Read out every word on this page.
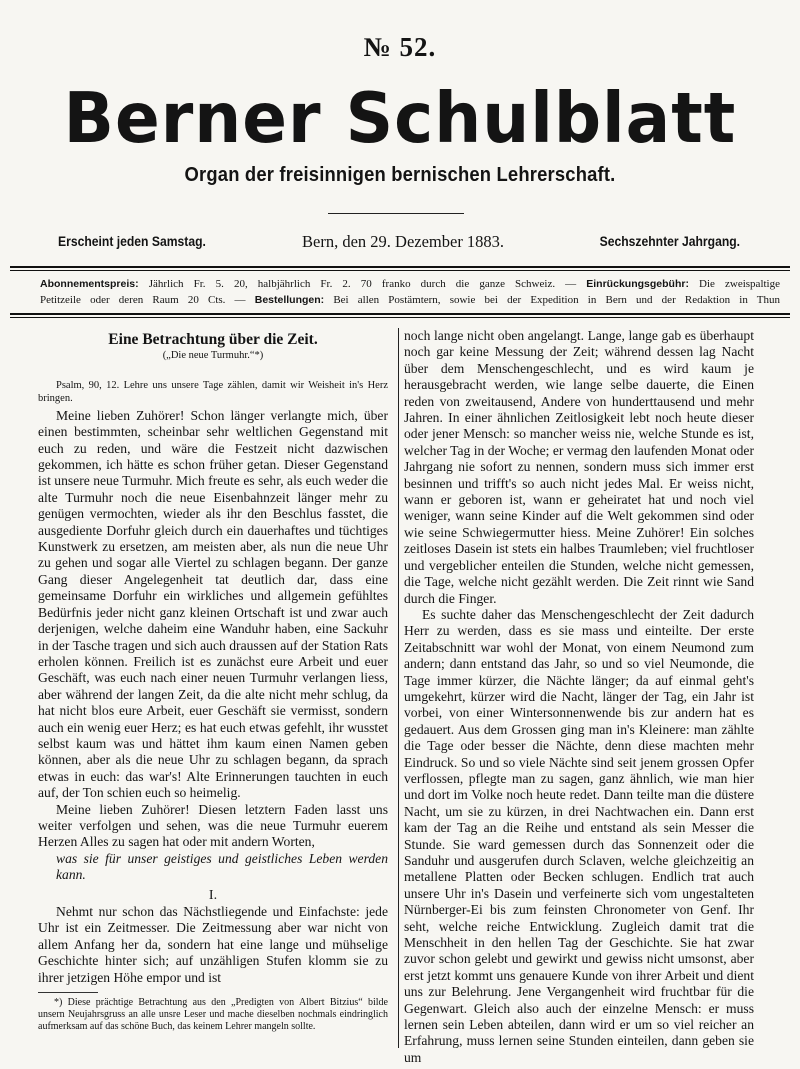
№ 52.
Berner Schulblatt
Organ der freisinnigen bernischen Lehrerschaft.
Erscheint jeden Samstag.	Bern, den 29. Dezember 1883.	Sechszehnter Jahrgang.

Abonnementspreis: Jährlich Fr. 5. 20, halbjährlich Fr. 2. 70 franko durch die ganze Schweiz. — Einrückungsgebühr: Die zweispaltige

Petitzeile oder deren Raum 20 Cts. — Bestellungen: Bei allen Postämtern, sowie bei der Expedition in Bern und der Redaktion in Thun

Eine Betrachtung über die Zeit.

(„Die neue Turmuhr.“*)

Psalm, 90, 12. Lehre uns unsere Tage zählen, damit wir Weisheit in's Herz bringen.

Meine lieben Zuhörer! Schon länger verlangte mich, über einen bestimmten, scheinbar sehr weltlichen Gegenstand mit euch zu reden, und wäre die Festzeit nicht dazwischen gekommen, ich hätte es schon früher getan. Dieser Gegenstand ist unsere neue Turmuhr. Mich freute es sehr, als euch weder die alte Turmuhr noch die neue Eisenbahnzeit länger mehr zu genügen vermochten, wieder als ihr den Beschlus fasstet, die ausgediente Dorfuhr gleich durch ein dauerhaftes und tüchtiges Kunstwerk zu ersetzen, am meisten aber, als nun die neue Uhr zu gehen und sogar alle Viertel zu schlagen begann. Der ganze Gang dieser Angelegenheit tat deutlich dar, dass eine gemeinsame Dorfuhr ein wirkliches und allgemein gefühltes Bedürfnis jeder nicht ganz kleinen Ortschaft ist und zwar auch derjenigen, welche daheim eine Wanduhr haben, eine Sackuhr in der Tasche tragen und sich auch draussen auf der Station Rats erholen können. Freilich ist es zunächst eure Arbeit und euer Geschäft, was euch nach einer neuen Turmuhr verlangen liess, aber während der langen Zeit, da die alte nicht mehr schlug, da hat nicht blos eure Arbeit, euer Geschäft sie vermisst, sondern auch ein wenig euer Herz; es hat euch etwas gefehlt, ihr wusstet selbst kaum was und hättet ihm kaum einen Namen geben können, aber als die neue Uhr zu schlagen begann, da sprach etwas in euch: das war's! Alte Erinnerungen tauchten in euch auf, der Ton schien euch so heimelig.

Meine lieben Zuhörer! Diesen letztern Faden lasst uns weiter verfolgen und sehen, was die neue Turmuhr euerem Herzen Alles zu sagen hat oder mit andern Worten,

was sie für unser geistiges und geistliches Leben werden kann.

I.

Nehmt nur schon das Nächstliegende und Einfachste: jede Uhr ist ein Zeitmesser. Die Zeitmessung aber war nicht von allem Anfang her da, sondern hat eine lange und mühselige Geschichte hinter sich; auf unzähligen Stufen klomm sie zu ihrer jetzigen Höhe empor und ist

*) Diese prächtige Betrachtung aus den „Predigten von Albert Bitzius“ bilde unsern Neujahrsgruss an alle unsre Leser und mache dieselben nochmals eindringlich aufmerksam auf das schöne Buch, das keinem Lehrer mangeln sollte.

noch lange nicht oben angelangt. Lange, lange gab es überhaupt noch gar keine Messung der Zeit; während dessen lag Nacht über dem Menschengeschlecht, und es wird kaum je herausgebracht werden, wie lange selbe dauerte, die Einen reden von zweitausend, Andere von hunderttausend und mehr Jahren. In einer ähnlichen Zeitlosigkeit lebt noch heute dieser oder jener Mensch: so mancher weiss nie, welche Stunde es ist, welcher Tag in der Woche; er vermag den laufenden Monat oder Jahrgang nie sofort zu nennen, sondern muss sich immer erst besinnen und trifft's so auch nicht jedes Mal. Er weiss nicht, wann er geboren ist, wann er geheiratet hat und noch viel weniger, wann seine Kinder auf die Welt gekommen sind oder wie seine Schwiegermutter hiess. Meine Zuhörer! Ein solches zeitloses Dasein ist stets ein halbes Traumleben; viel fruchtloser und vergeblicher enteilen die Stunden, welche nicht gemessen, die Tage, welche nicht gezählt werden. Die Zeit rinnt wie Sand durch die Finger.

Es suchte daher das Menschengeschlecht der Zeit dadurch Herr zu werden, dass es sie mass und einteilte. Der erste Zeitabschnitt war wohl der Monat, von einem Neumond zum andern; dann entstand das Jahr, so und so viel Neumonde, die Tage immer kürzer, die Nächte länger; da auf einmal geht's umgekehrt, kürzer wird die Nacht, länger der Tag, ein Jahr ist vorbei, von einer Wintersonnenwende bis zur andern hat es gedauert. Aus dem Grossen ging man in's Kleinere: man zählte die Tage oder besser die Nächte, denn diese machten mehr Eindruck. So und so viele Nächte sind seit jenem grossen Opfer verflossen, pflegte man zu sagen, ganz ähnlich, wie man hier und dort im Volke noch heute redet. Dann teilte man die düstere Nacht, um sie zu kürzen, in drei Nachtwachen ein. Dann erst kam der Tag an die Reihe und entstand als sein Messer die Stunde. Sie ward gemessen durch das Sonnenzeit oder die Sanduhr und ausgerufen durch Sclaven, welche gleichzeitig an metallene Platten oder Becken schlugen. Endlich trat auch unsere Uhr in's Dasein und verfeinerte sich vom ungestalteten Nürnberger-Ei bis zum feinsten Chronometer von Genf. Ihr seht, welche reiche Entwicklung. Zugleich damit trat die Menschheit in den hellen Tag der Geschichte. Sie hat zwar zuvor schon gelebt und gewirkt und gewiss nicht umsonst, aber erst jetzt kommt uns genauere Kunde von ihrer Arbeit und dient uns zur Belehrung. Jene Vergangenheit wird fruchtbar für die Gegenwart. Gleich also auch der einzelne Mensch: er muss lernen sein Leben abteilen, dann wird er um so viel reicher an Erfahrung, muss lernen seine Stunden einteilen, dann geben sie um
